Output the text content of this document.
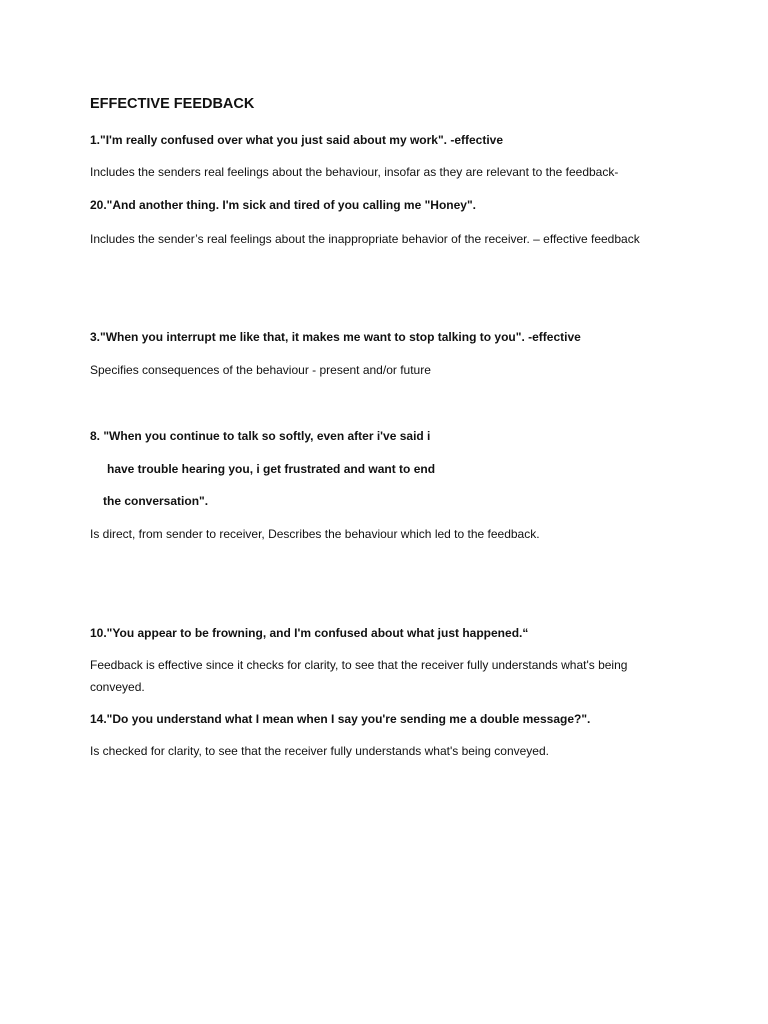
EFFECTIVE FEEDBACK
1."I'm really confused over what you just said about my work". -effective
Includes the senders real feelings about the behaviour, insofar as they are relevant to the feedback-
20."And another thing. I'm sick and tired of you calling me "Honey".
Includes the sender’s real feelings about the inappropriate behavior of the receiver. – effective feedback
3."When you interrupt me like that, it makes me want to stop talking to you". -effective
Specifies consequences of the behaviour - present and/or future
8. "When you continue to talk so softly, even after i've said i
have trouble hearing you, i get frustrated and want to end
the conversation".
Is direct, from sender to receiver, Describes the behaviour which led to the feedback.
10."You appear to be frowning, and I'm confused about what just happened.“
Feedback is effective since it checks for clarity, to see that the receiver fully understands what's being conveyed.
14."Do you understand what I mean when I say you're sending me a double message?".
Is checked for clarity, to see that the receiver fully understands what's being conveyed.
